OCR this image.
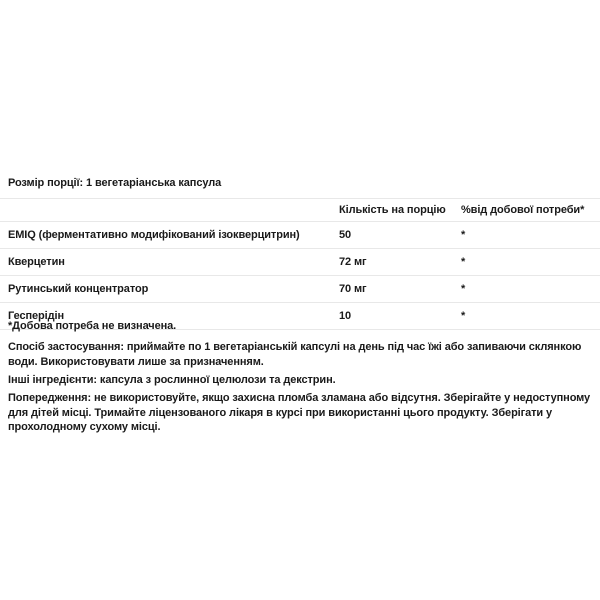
Розмір порції: 1 вегетаріанська капсула
	Кількість на порцію	%від добової потреби*
EMIQ (ферментативно модифікований ізокверцитрин)	50	*
Кверцетин	72 мг	*
Рутинський концентратор	70 мг	*
Гесперідін	10	*
*Добова потреба не визначена.
Спосіб застосування: приймайте по 1 вегетаріанській капсулі на день під час їжі або запиваючи склянкою води. Використовувати лише за призначенням.
Інші інгредієнти: капсула з рослинної целюлози та декстрин.
Попередження: не використовуйте, якщо захисна пломба зламана або відсутня. Зберігайте у недоступному для дітей місці. Тримайте ліцензованого лікаря в курсі при використанні цього продукту. Зберігати у прохолодному сухому місці.
